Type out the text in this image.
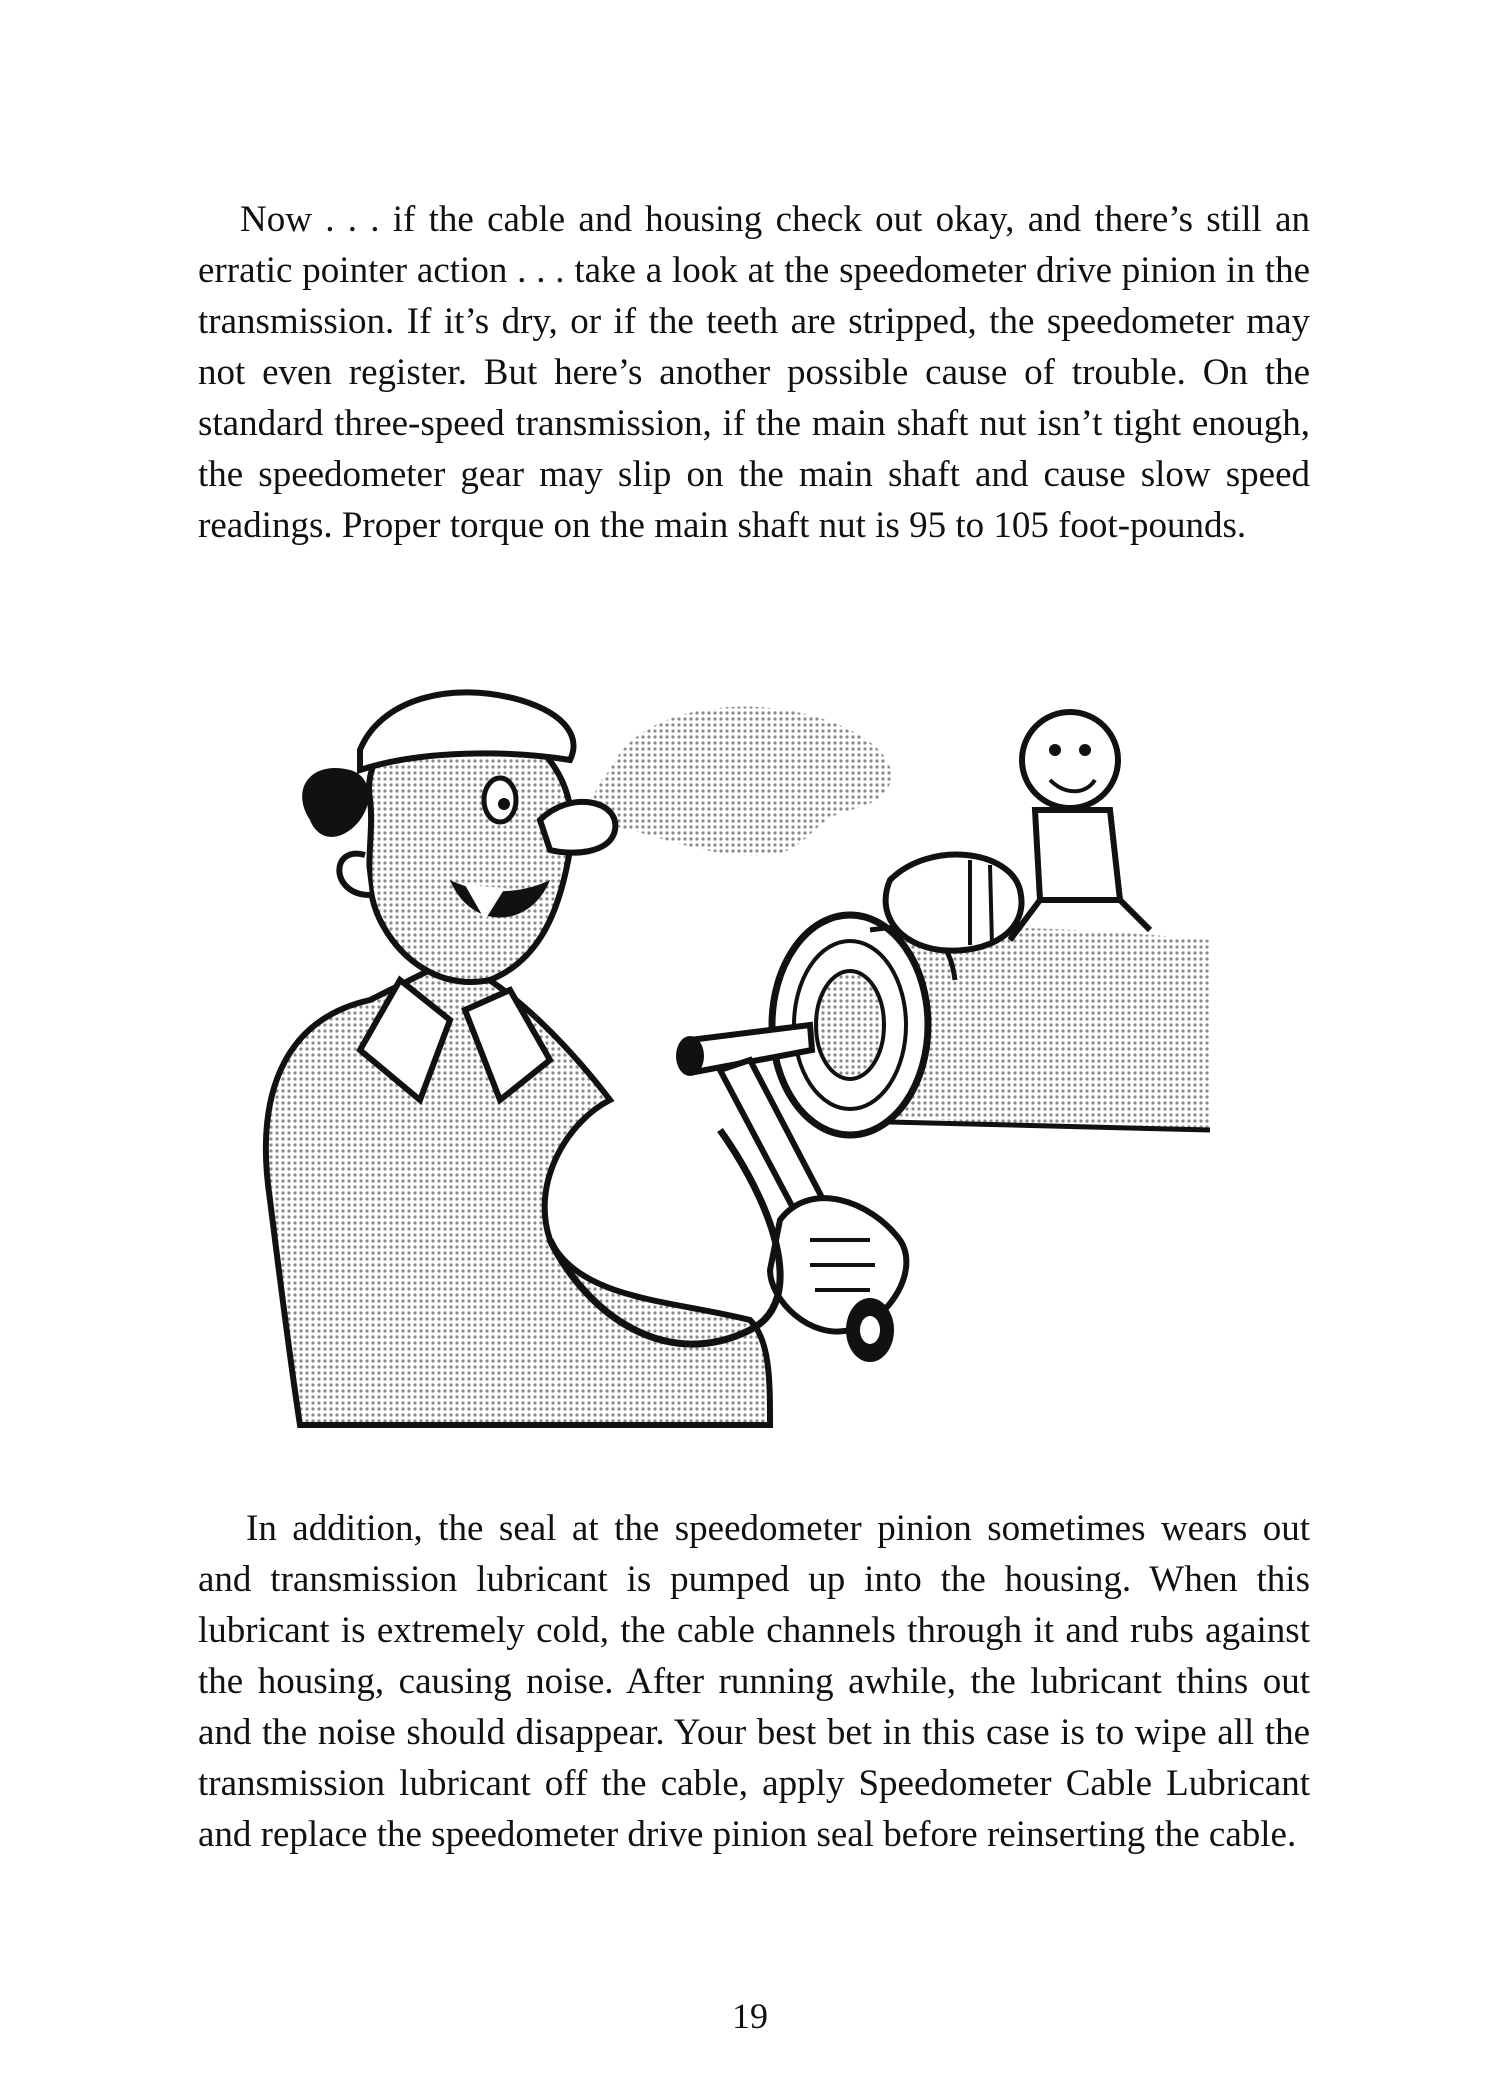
Now . . . if the cable and housing check out okay, and there’s still an erratic pointer action . . . take a look at the speedometer drive pinion in the transmission. If it’s dry, or if the teeth are stripped, the speedometer may not even register. But here’s another possible cause of trouble. On the standard three-speed transmission, if the main shaft nut isn’t tight enough, the speedometer gear may slip on the main shaft and cause slow speed readings. Proper torque on the main shaft nut is 95 to 105 foot-pounds.

In addition, the seal at the speedometer pinion sometimes wears out and transmission lubricant is pumped up into the housing. When this lubricant is extremely cold, the cable channels through it and rubs against the housing, causing noise. After running awhile, the lubricant thins out and the noise should disappear. Your best bet in this case is to wipe all the transmission lubricant off the cable, apply Speedometer Cable Lubricant and replace the speedometer drive pinion seal before reinserting the cable.

19
